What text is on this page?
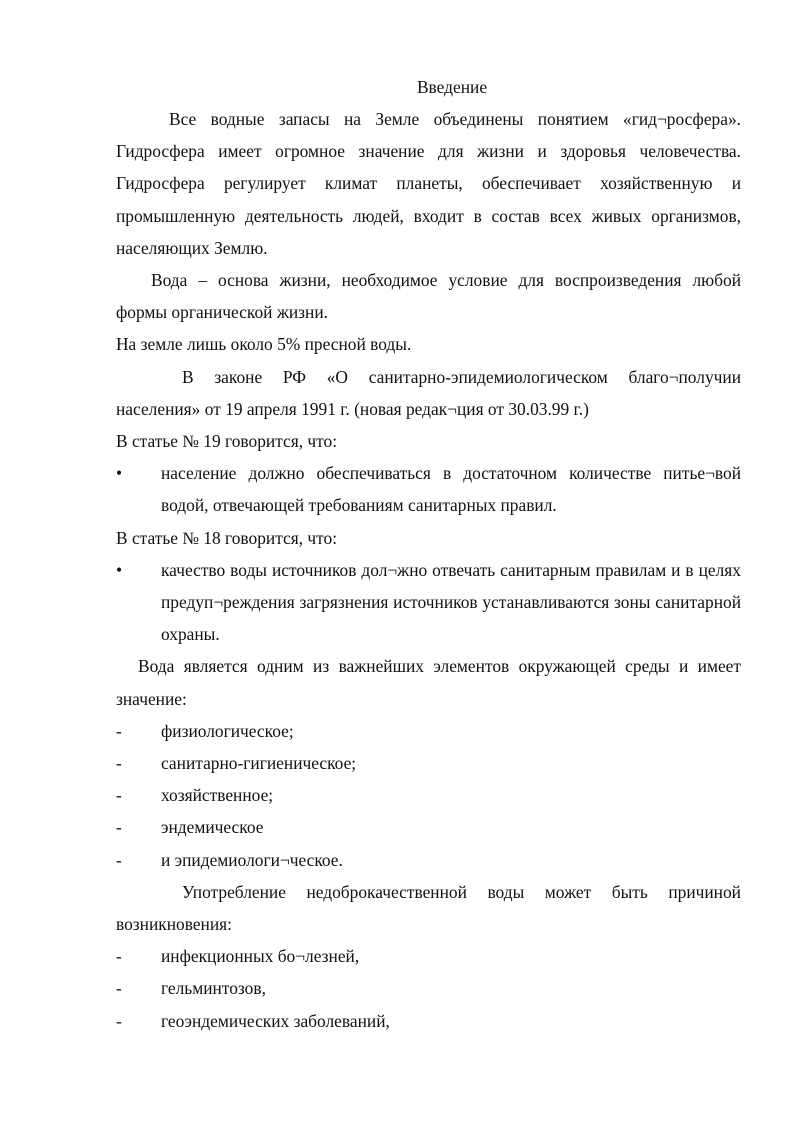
Введение

Все водные запасы на Земле объединены понятием «гид¬росфера». Гидросфера имеет огромное значение для жизни и здоровья человечества. Гидросфера регулирует климат планеты, обеспечивает хозяйственную и промышленную деятельность людей, входит в состав всех живых организмов, населяющих Землю.

Вода – основа жизни, необходимое условие для воспроизведения любой формы органической жизни.

На земле лишь около 5% пресной воды.

В законе РФ «О санитарно-эпидемиологическом благо¬получии населения» от 19 апреля 1991 г. (новая редак¬ция от 30.03.99 г.)

В статье № 19 говорится, что:

• население должно обеспечиваться в достаточном количестве питье¬вой водой, отвечающей требованиям санитарных правил.

В статье № 18 говорится, что:

• качество воды источников дол¬жно отвечать санитарным правилам и в целях предуп¬реждения загрязнения источников устанавливаются зоны санитарной охраны.

Вода является одним из важнейших элементов окружающей среды и имеет значение:

- физиологическое;
- санитарно-гигиеническое;
- хозяйственное;
- эндемическое
- и эпидемиологи¬ческое.

Употребление недоброкачественной воды может быть причиной возникновения:

- инфекционных бо¬лезней,
- гельминтозов,
- геоэндемических заболеваний,
